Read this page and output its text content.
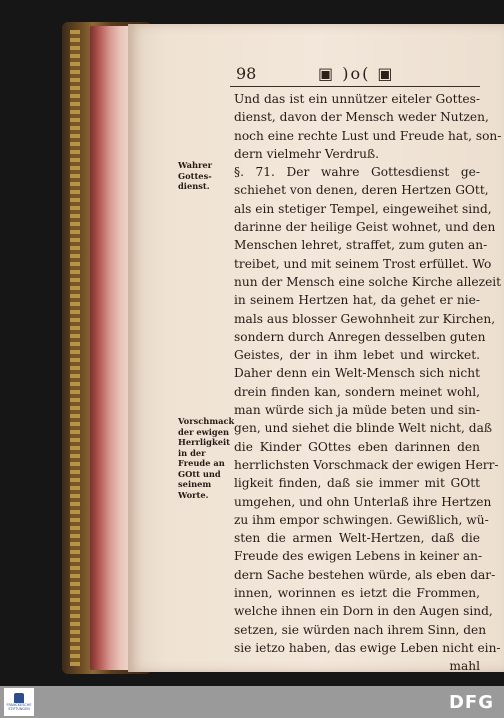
98	▣ )o( ▣
Wahrer
Gottes-
dienst.
Vorschmack
der ewigen
Herrligkeit
in der
Freude an
GOtt und
seinem
Worte.
Und das ist ein unnützer eiteler Gottes-
dienst, davon der Mensch weder Nutzen,
noch eine rechte Lust und Freude hat, son-
dern vielmehr Verdruß.
§. 71. Der wahre Gottesdienst ge-
schiehet von denen, deren Hertzen GOtt,
als ein stetiger Tempel, eingeweihet sind,
darinne der heilige Geist wohnet, und den
Menschen lehret, straffet, zum guten an-
treibet, und mit seinem Trost erfüllet. Wo
nun der Mensch eine solche Kirche allezeit
in seinem Hertzen hat, da gehet er nie-
mals aus blosser Gewohnheit zur Kirchen,
sondern durch Anregen desselben guten
Geistes, der in ihm lebet und wircket.
Daher denn ein Welt-Mensch sich nicht
drein finden kan, sondern meinet wohl,
man würde sich ja müde beten und sin-
gen, und siehet die blinde Welt nicht, daß
die Kinder GOttes eben darinnen den
herrlichsten Vorschmack der ewigen Herr-
ligkeit finden, daß sie immer mit GOtt
umgehen, und ohn Unterlaß ihre Hertzen
zu ihm empor schwingen. Gewißlich, wü-
sten die armen Welt-Hertzen, daß die
Freude des ewigen Lebens in keiner an-
dern Sache bestehen würde, als eben dar-
innen, worinnen es ietzt die Frommen,
welche ihnen ein Dorn in den Augen sind,
setzen, sie würden nach ihrem Sinn, den
sie ietzo haben, das ewige Leben nicht ein-
mahl
FRANCKESCHE STIFTUNGEN	DFG
